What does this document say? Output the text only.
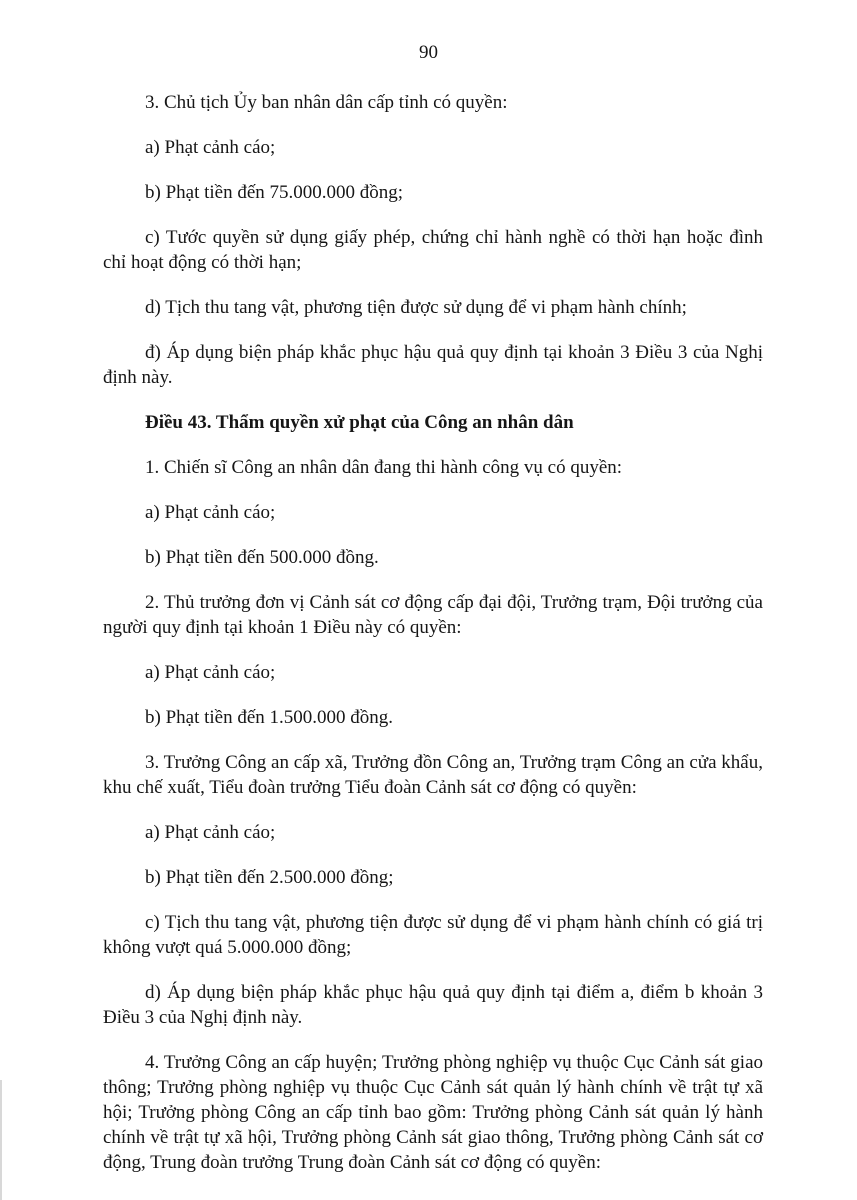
90

3. Chủ tịch Ủy ban nhân dân cấp tỉnh có quyền:

a) Phạt cảnh cáo;

b) Phạt tiền đến 75.000.000 đồng;

c) Tước quyền sử dụng giấy phép, chứng chỉ hành nghề có thời hạn hoặc đình chỉ hoạt động có thời hạn;

d) Tịch thu tang vật, phương tiện được sử dụng để vi phạm hành chính;

đ) Áp dụng biện pháp khắc phục hậu quả quy định tại khoản 3 Điều 3 của Nghị định này.

Điều 43. Thẩm quyền xử phạt của Công an nhân dân

1. Chiến sĩ Công an nhân dân đang thi hành công vụ có quyền:

a) Phạt cảnh cáo;

b) Phạt tiền đến 500.000 đồng.

2. Thủ trưởng đơn vị Cảnh sát cơ động cấp đại đội, Trưởng trạm, Đội trưởng của người quy định tại khoản 1 Điều này có quyền:

a) Phạt cảnh cáo;

b) Phạt tiền đến 1.500.000 đồng.

3. Trưởng Công an cấp xã, Trưởng đồn Công an, Trưởng trạm Công an cửa khẩu, khu chế xuất, Tiểu đoàn trưởng Tiểu đoàn Cảnh sát cơ động có quyền:

a) Phạt cảnh cáo;

b) Phạt tiền đến 2.500.000 đồng;

c) Tịch thu tang vật, phương tiện được sử dụng để vi phạm hành chính có giá trị không vượt quá 5.000.000 đồng;

d) Áp dụng biện pháp khắc phục hậu quả quy định tại điểm a, điểm b khoản 3 Điều 3 của Nghị định này.

4. Trưởng Công an cấp huyện; Trưởng phòng nghiệp vụ thuộc Cục Cảnh sát giao thông; Trưởng phòng nghiệp vụ thuộc Cục Cảnh sát quản lý hành chính về trật tự xã hội; Trưởng phòng Công an cấp tỉnh bao gồm: Trưởng phòng Cảnh sát quản lý hành chính về trật tự xã hội, Trưởng phòng Cảnh sát giao thông, Trưởng phòng Cảnh sát cơ động, Trung đoàn trưởng Trung đoàn Cảnh sát cơ động có quyền:
